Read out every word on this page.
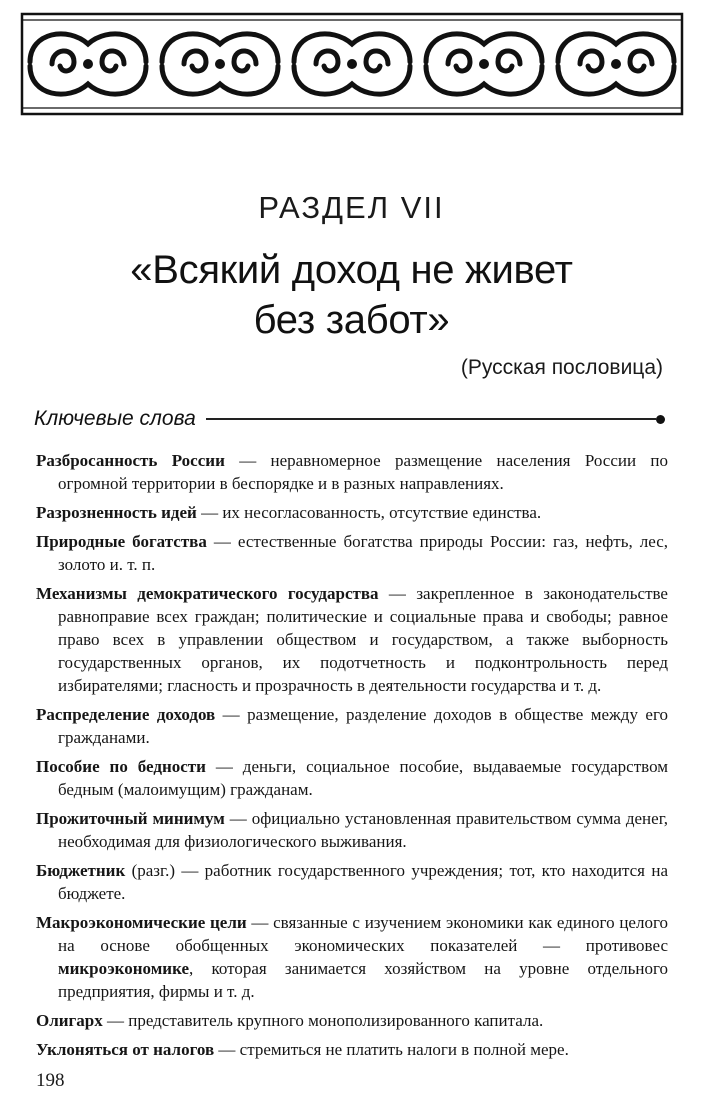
РАЗДЕЛ VII
«Всякий доход не живет
без забот»
(Русская пословица)
Ключевые слова

Разбросанность России — неравномерное размещение населения России по огромной территории в беспорядке и в разных направлениях.

Разрозненность идей — их несогласованность, отсутствие единства.

Природные богатства — естественные богатства природы России: газ, нефть, лес, золото и. т. п.

Механизмы демократического государства — закрепленное в законодательстве равноправие всех граждан; политические и социальные права и свободы; равное право всех в управлении обществом и государством, а также выборность государственных органов, их подотчетность и подконтрольность перед избирателями; гласность и прозрачность в деятельности государства и т. д.

Распределение доходов — размещение, разделение доходов в обществе между его гражданами.

Пособие по бедности — деньги, социальное пособие, выдаваемые государством бедным (малоимущим) гражданам.

Прожиточный минимум — официально установленная правительством сумма денег, необходимая для физиологического выживания.

Бюджетник (разг.) — работник государственного учреждения; тот, кто находится на бюджете.

Макроэкономические цели — связанные с изучением экономики как единого целого на основе обобщенных экономических показателей — противовес микроэкономике, которая занимается хозяйством на уровне отдельного предприятия, фирмы и т. д.

Олигарх — представитель крупного монополизированного капитала.

Уклоняться от налогов — стремиться не платить налоги в полной мере.

198
